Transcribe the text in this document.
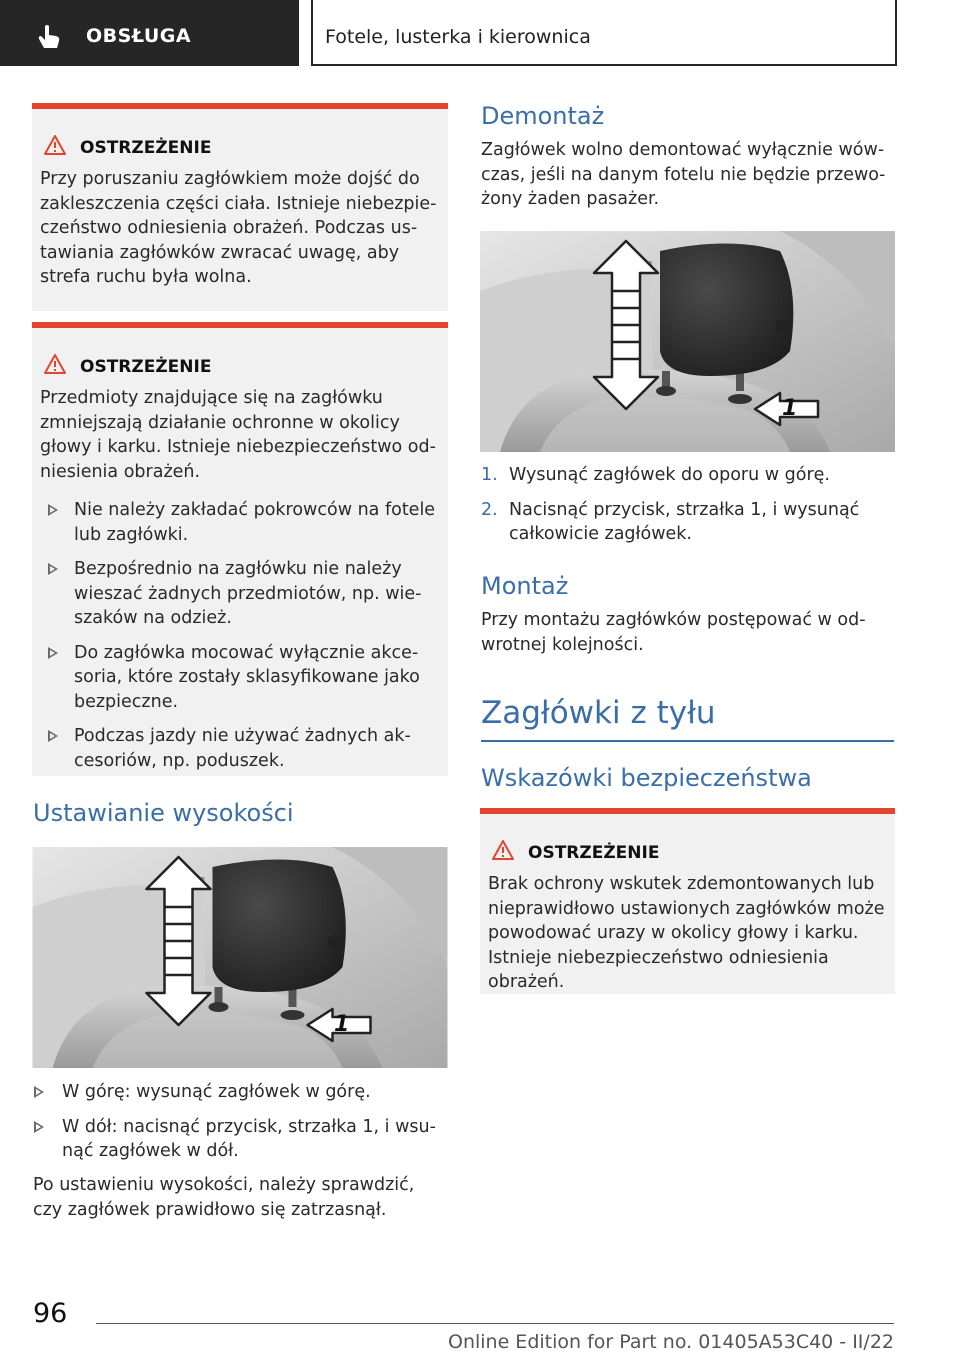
OBSŁUGA	Fotele, lusterka i kierownica
OSTRZEŻENIE

Przy poruszaniu zagłówkiem może dojść do zakleszczenia części ciała. Istnieje niebezpieczeństwo odniesienia obrażeń. Podczas ustawiania zagłówków zwracać uwagę, aby strefa ruchu była wolna.

OSTRZEŻENIE

Przedmioty znajdujące się na zagłówku zmniejszają działanie ochronne w okolicy głowy i karku. Istnieje niebezpieczeństwo odniesienia obrażeń.

Nie należy zakładać pokrowców na fotele lub zagłówki.
Bezpośrednio na zagłówku nie należy wieszać żadnych przedmiotów, np. wieszaków na odzież.
Do zagłówka mocować wyłącznie akcesoria, które zostały sklasyfikowane jako bezpieczne.
Podczas jazdy nie używać żadnych akcesoriów, np. poduszek.
Ustawianie wysokości
1
W górę: wysunąć zagłówek w górę.
W dół: nacisnąć przycisk, strzałka 1, i wsunąć zagłówek w dół.
Po ustawieniu wysokości, należy sprawdzić, czy zagłówek prawidłowo się zatrzasnął.
Demontaż
Zagłówek wolno demontować wyłącznie wówczas, jeśli na danym fotelu nie będzie przewożony żaden pasażer.
1
1. Wysunąć zagłówek do oporu w górę.
2. Nacisnąć przycisk, strzałka 1, i wysunąć całkowicie zagłówek.
Montaż
Przy montażu zagłówków postępować w odwrotnej kolejności.
Zagłówki z tyłu
Wskazówki bezpieczeństwa
OSTRZEŻENIE

Brak ochrony wskutek zdemontowanych lub nieprawidłowo ustawionych zagłówków może powodować urazy w okolicy głowy i karku. Istnieje niebezpieczeństwo odniesienia obrażeń.

96
Online Edition for Part no. 01405A53C40 - II/22
